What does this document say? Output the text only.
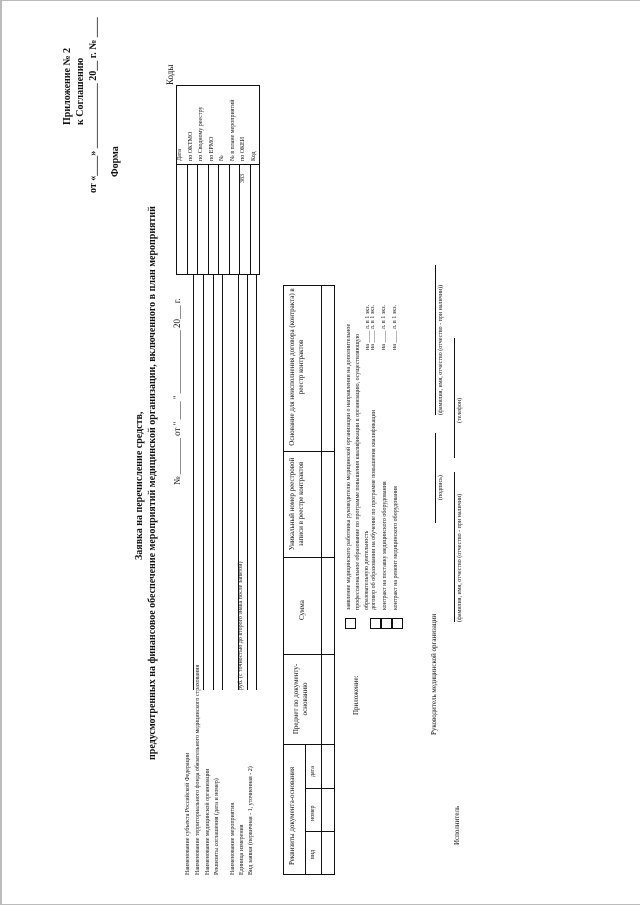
Приложение № 2 к Соглашению от «____» _____________ 20__ г. № ____ Форма
Заявка на перечисление средств, предусмотренных на финансовое обеспечение мероприятий медицинской организации, включенного в план мероприятий № ________ от " ____ " ______________ 20___ г.
Коды
Реквизиты документа-основания вид
номер
дата
Предмет по документу-основанию
Сумма
Уникальный номер реестровой записи в реестре контрактов
Основание для неисполнения договора (контракта) в реестр контрактов
Приложение:	Руководитель медицинской организации
(подпись)
(фамилия, имя, отчество (отчество - при наличии))
Исполнитель
(фамилия, имя, отчество (отчество - при наличии)
(телефон)
Дата по ОКТМО по Сводному реестру по ЕРМО № № в плане мероприятий по ОКЕИ
383
Код
Наименование субъекта Российской Федерации Наименование территориального фонда обязательного медицинского страхования Наименование медицинской организации Реквизиты соглашения (дата и номер) Наименование мероприятия Единица измерения
руб. (с точностью до второго знака после запятой)
Вид заявки (первичная - 1, уточненная - 2)
заявление медицинского работника руководителю медицинской организации о направлении на дополнительное профессиональное образование по программе повышения квалификации в организацию, осуществляющую образовательную деятельность
на ____ л. в 1 экз.
договор об образовании на обучение по программе повышения квалификации
на ____ л. в 1 экз.
контракт на поставку медицинского оборудования
на ____ л. в 1 экз.
контракт на ремонт медицинского оборудования
на ____ л. в 1 экз.
